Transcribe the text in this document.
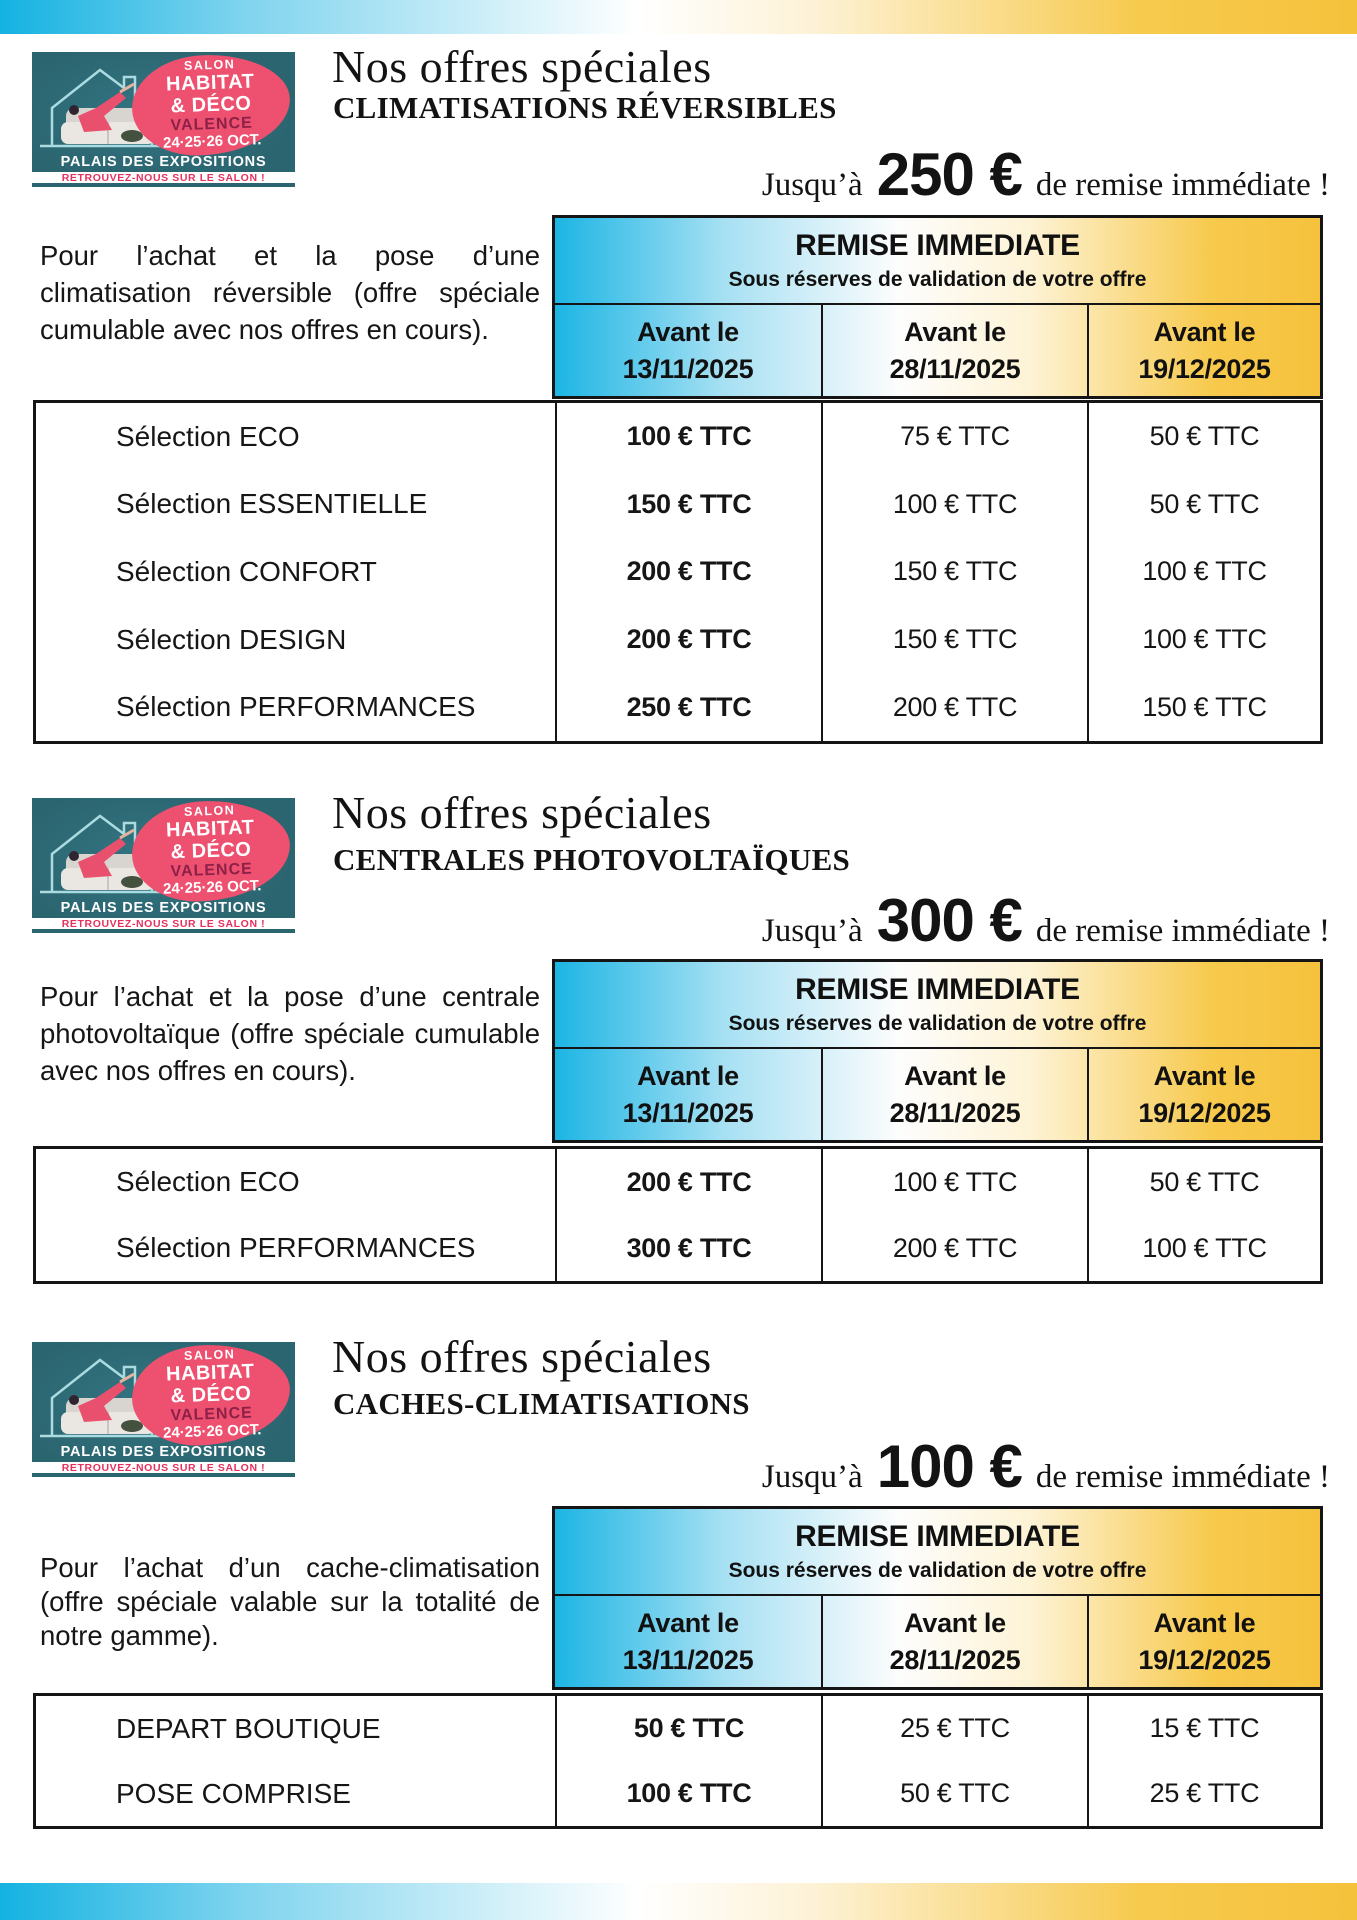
SALON
HABITAT
& DÉCO
VALENCE
24·25·26 OCT.
PALAIS DES EXPOSITIONS
RETROUVEZ-NOUS SUR LE SALON !
Nos offres spéciales
CLIMATISATIONS RÉVERSIBLES
Jusqu’à 250 € de remise immédiate !
Pour l’achat et la pose d’une climatisation réversible (offre spéciale cumulable avec nos offres en cours).
REMISE IMMEDIATE
Sous réserves de validation de votre offre
Avant le
13/11/2025
Avant le
28/11/2025
Avant le
19/12/2025
Sélection ECO	100 € TTC	75 € TTC	50 € TTC
Sélection ESSENTIELLE	150 € TTC	100 € TTC	50 € TTC
Sélection CONFORT	200 € TTC	150 € TTC	100 € TTC
Sélection DESIGN	200 € TTC	150 € TTC	100 € TTC
Sélection PERFORMANCES	250 € TTC	200 € TTC	150 € TTC
SALON
HABITAT
& DÉCO
VALENCE
24·25·26 OCT.
PALAIS DES EXPOSITIONS
RETROUVEZ-NOUS SUR LE SALON !
Nos offres spéciales
CENTRALES PHOTOVOLTAÏQUES
Jusqu’à 300 € de remise immédiate !
Pour l’achat et la pose d’une centrale photovoltaïque (offre spéciale cumulable avec nos offres en cours).
REMISE IMMEDIATE
Sous réserves de validation de votre offre
Avant le
13/11/2025
Avant le
28/11/2025
Avant le
19/12/2025
Sélection ECO	200 € TTC	100 € TTC	50 € TTC
Sélection PERFORMANCES	300 € TTC	200 € TTC	100 € TTC
SALON
HABITAT
& DÉCO
VALENCE
24·25·26 OCT.
PALAIS DES EXPOSITIONS
RETROUVEZ-NOUS SUR LE SALON !
Nos offres spéciales
CACHES-CLIMATISATIONS
Jusqu’à 100 € de remise immédiate !
Pour l’achat d’un cache-climatisation (offre spéciale valable sur la totalité de notre gamme).
REMISE IMMEDIATE
Sous réserves de validation de votre offre
Avant le
13/11/2025
Avant le
28/11/2025
Avant le
19/12/2025
DEPART BOUTIQUE	50 € TTC	25 € TTC	15 € TTC
POSE COMPRISE	100 € TTC	50 € TTC	25 € TTC
